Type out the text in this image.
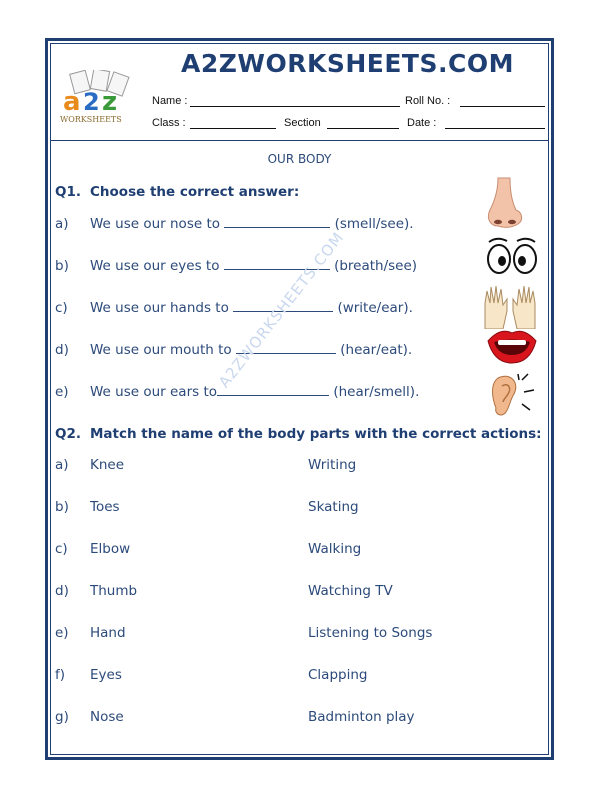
a 2 z
WORKSHEETS
A2ZWORKSHEETS.COM
Name :	Roll No. :
Class :	Section	Date :
OUR BODY
Q1. Choose the correct answer:
a) We use our nose to	(smell/see).
b) We use our eyes to	(breath/see)
c) We use our hands to	(write/ear).
d) We use our mouth to	(hear/eat).
e) We use our ears to	(hear/smell).
A2ZWORKSHEETS.COM
Q2. Match the name of the body parts with the correct actions:
a) Knee	Writing
b) Toes	Skating
c) Elbow	Walking
d) Thumb	Watching TV
e) Hand	Listening to Songs
f) Eyes	Clapping
g) Nose	Badminton play
